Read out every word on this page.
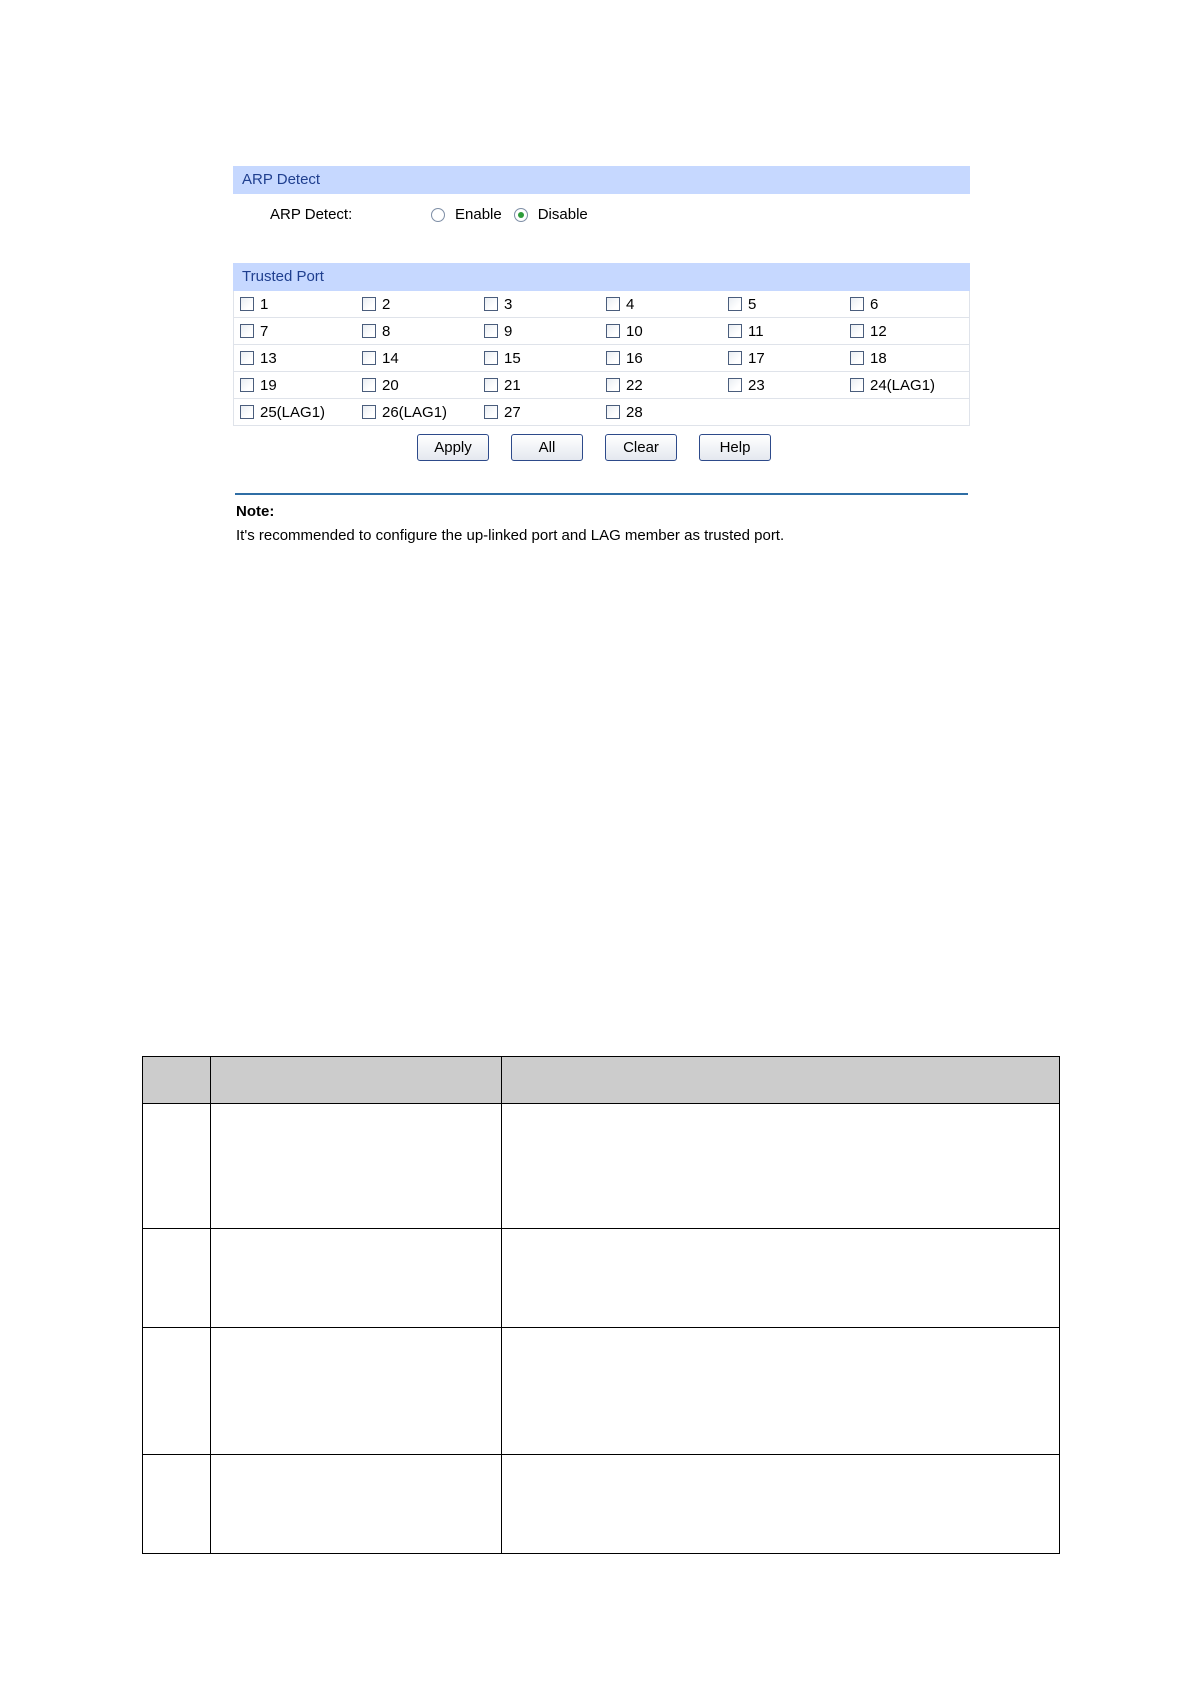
ARP Detect
ARP Detect:	Enable Disable
Trusted Port
1	2	3	4	5	6
7	8	9	10	11	12
13	14	15	16	17	18
19	20	21	22	23	24(LAG1)
25(LAG1)	26(LAG1)	27	28
Apply	All	Clear	Help
Note:
It's recommended to configure the up-linked port and LAG member as trusted port.
